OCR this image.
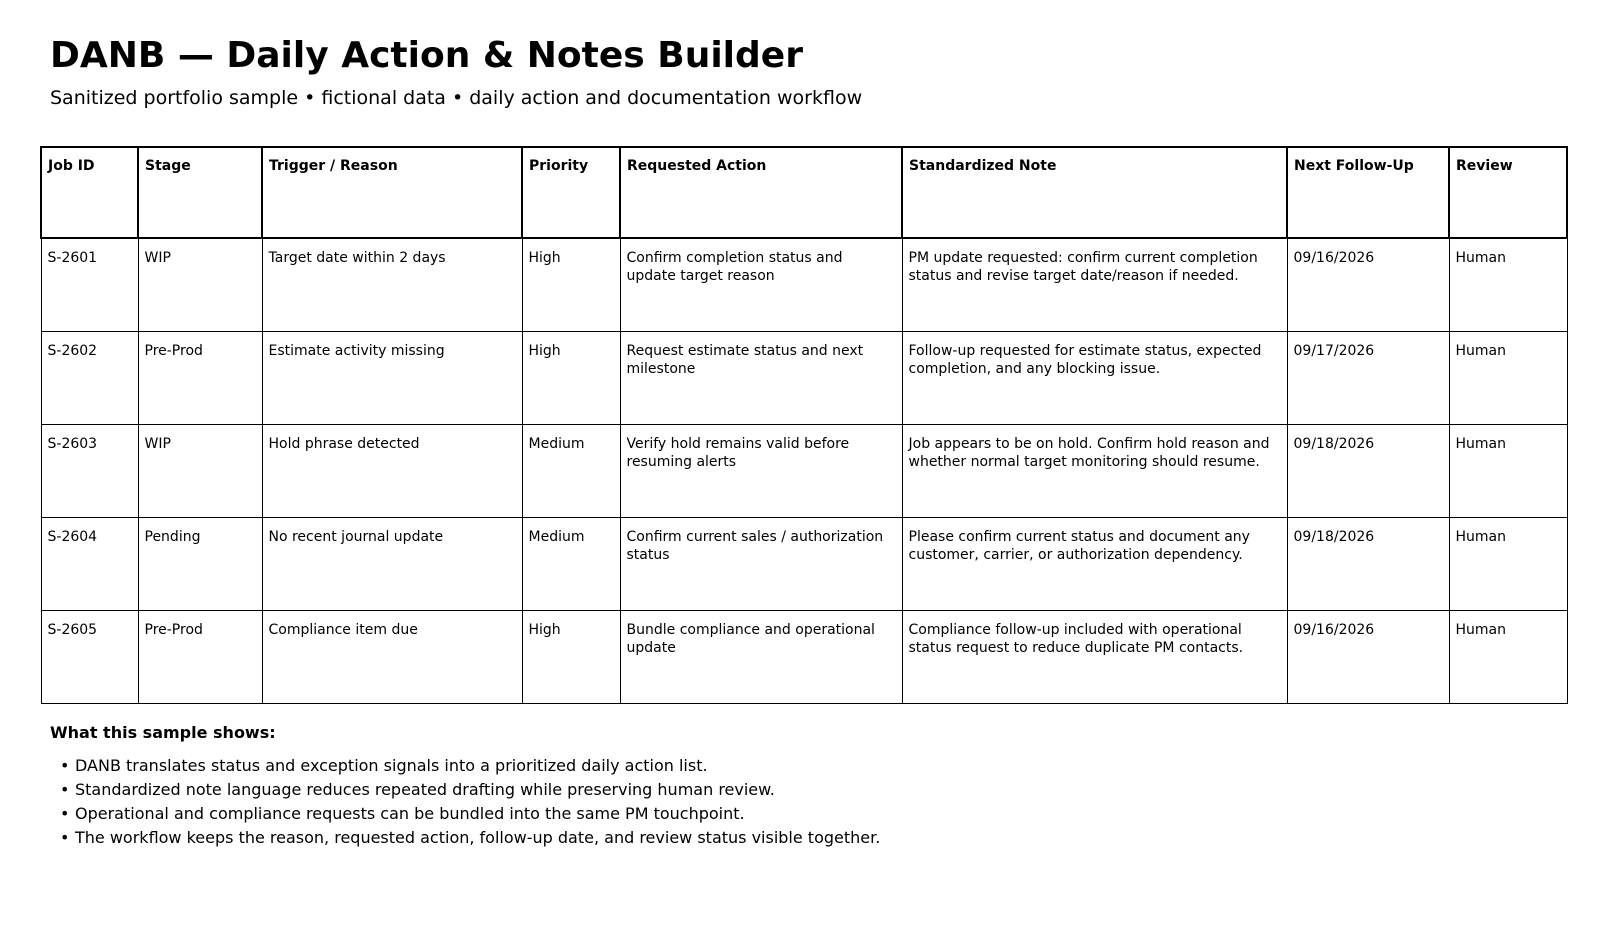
DANB — Daily Action & Notes Builder

Sanitized portfolio sample • fictional data • daily action and documentation workflow

Job ID	Stage	Trigger / Reason	Priority	Requested Action	Standardized Note	Next Follow-Up	Review
S-2601	WIP	Target date within 2 days	High	Confirm completion status and update target reason	PM update requested: confirm current completion status and revise target date/reason if needed.	09/16/2026	Human
S-2602	Pre-Prod	Estimate activity missing	High	Request estimate status and next milestone	Follow-up requested for estimate status, expected completion, and any blocking issue.	09/17/2026	Human
S-2603	WIP	Hold phrase detected	Medium	Verify hold remains valid before resuming alerts	Job appears to be on hold. Confirm hold reason and whether normal target monitoring should resume.	09/18/2026	Human
S-2604	Pending	No recent journal update	Medium	Confirm current sales / authorization status	Please confirm current status and document any customer, carrier, or authorization dependency.	09/18/2026	Human
S-2605	Pre-Prod	Compliance item due	High	Bundle compliance and operational update	Compliance follow-up included with operational status request to reduce duplicate PM contacts.	09/16/2026	Human
What this sample shows:
• DANB translates status and exception signals into a prioritized daily action list.
• Standardized note language reduces repeated drafting while preserving human review.
• Operational and compliance requests can be bundled into the same PM touchpoint.
• The workflow keeps the reason, requested action, follow-up date, and review status visible together.
